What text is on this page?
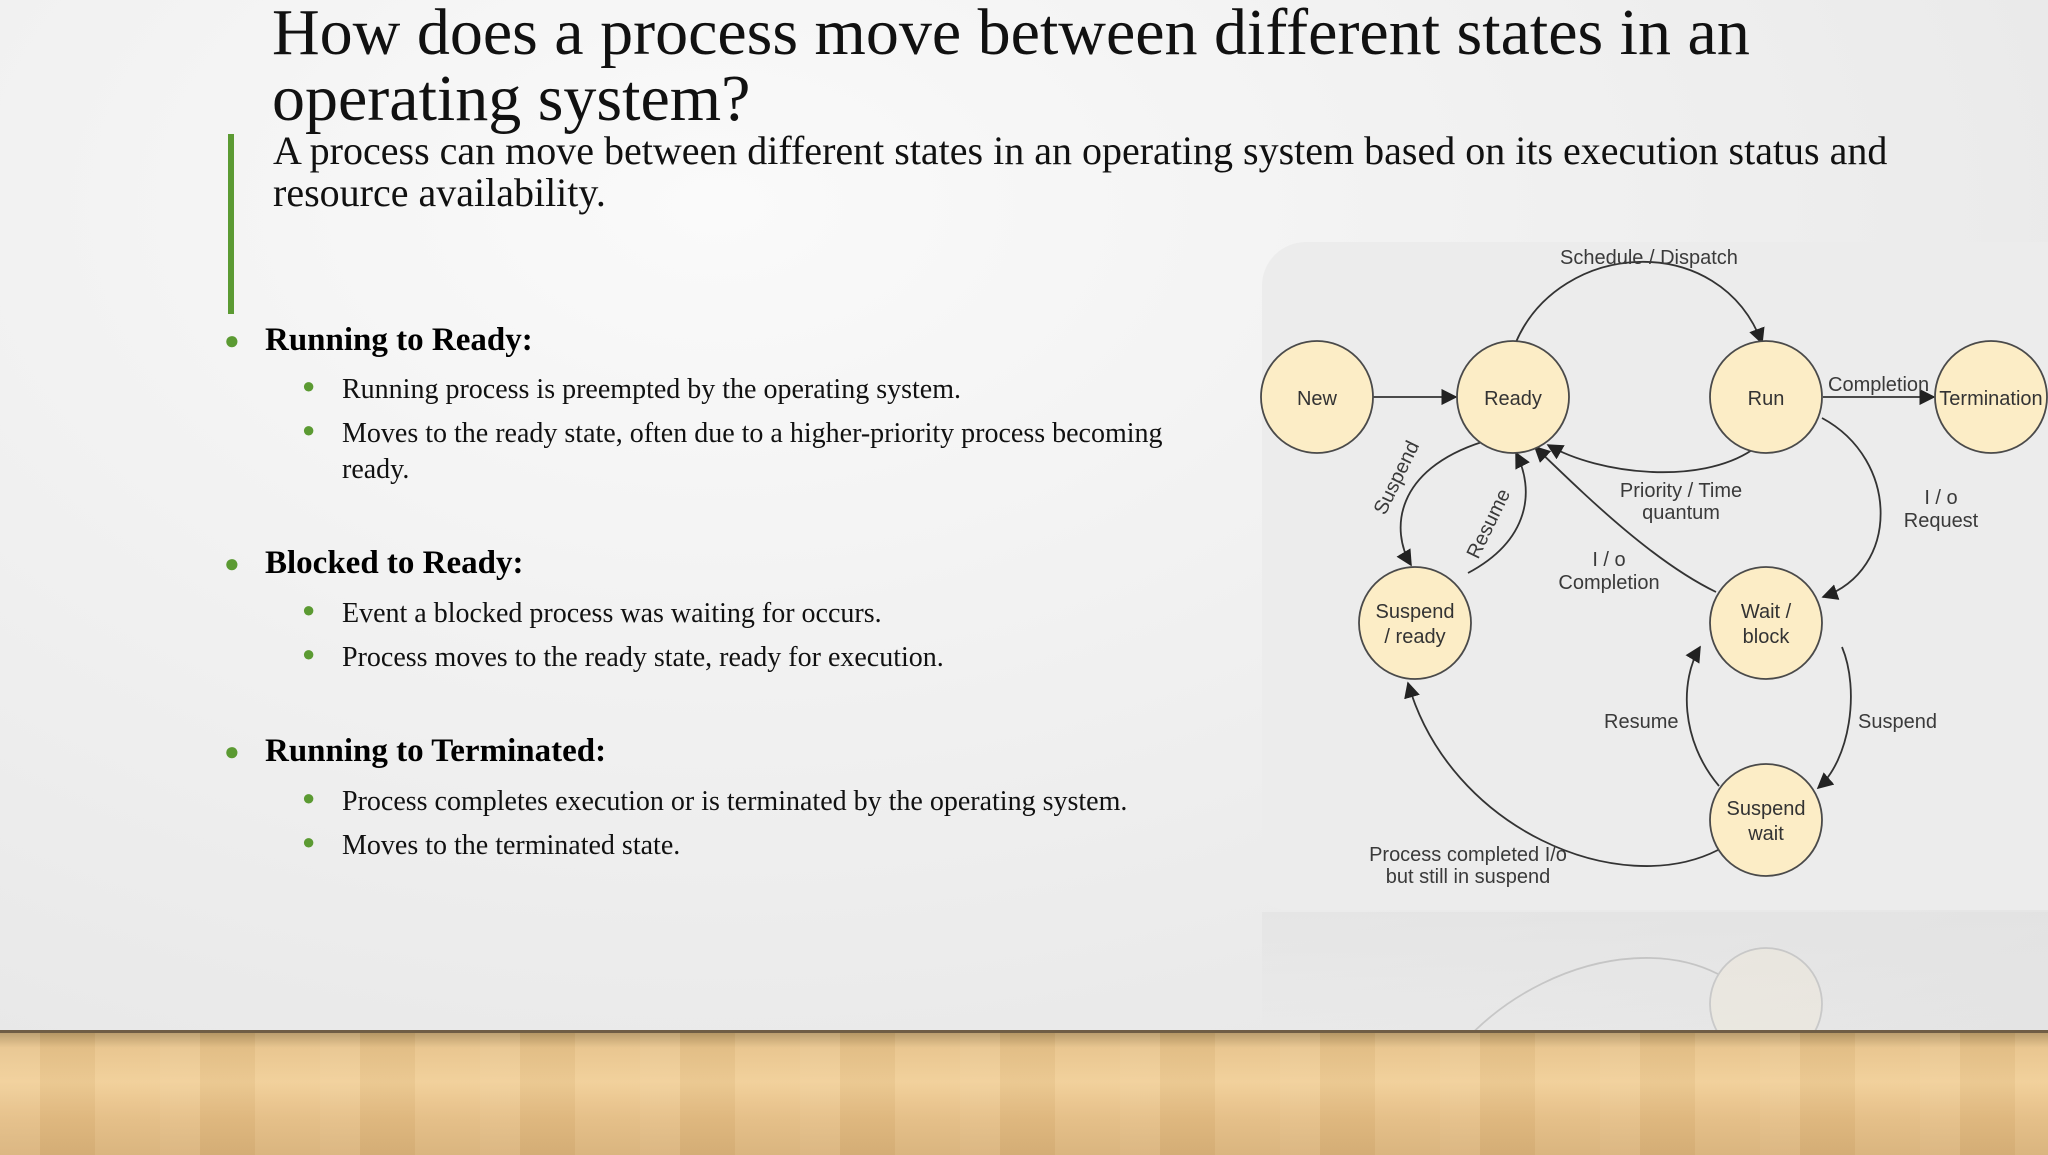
How does a process move between different states in an operating system?

A process can move between different states in an operating system based on its execution status and resource availability.

● Running to Ready:
● Running process is preempted by the operating system.
● Moves to the ready state, often due to a higher-priority process becoming ready.
● Blocked to Ready:
● Event a blocked process was waiting for occurs.
● Process moves to the ready state, ready for execution.
● Running to Terminated:
● Process completes execution or is terminated by the operating system.
● Moves to the terminated state.
New	Ready	Run	Termination
Suspend
/ ready
Wait /
block
Suspend
wait
Schedule / Dispatch
Completion
Priority / Time
quantum
I / o
Request
I / o
Completion
Suspend
Resume
Resume	Suspend
Process completed I/o
but still in suspend
